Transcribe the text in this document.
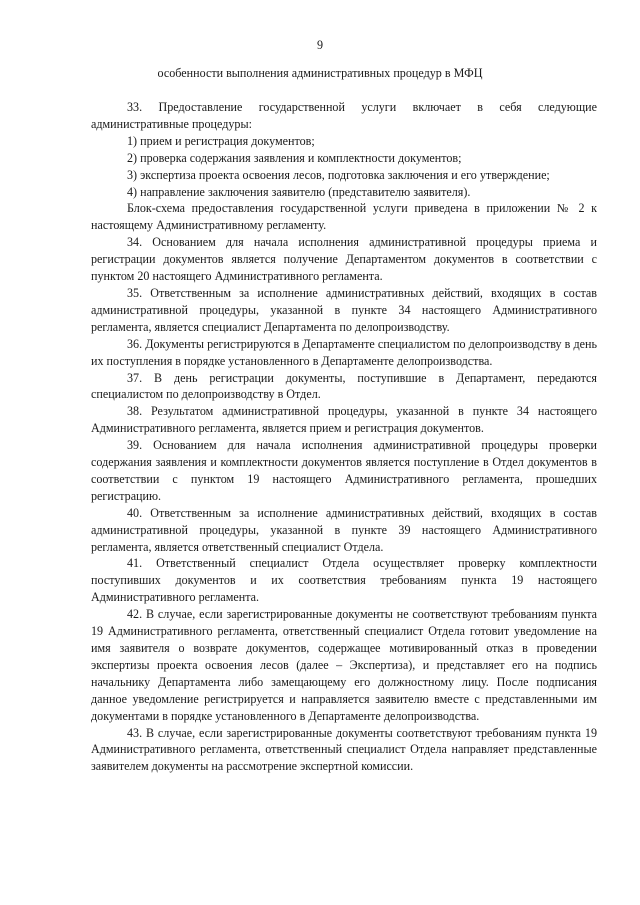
9
особенности выполнения административных процедур в МФЦ

33. Предоставление государственной услуги включает в себя следующие административные процедуры:

1) прием и регистрация документов;

2) проверка содержания заявления и комплектности документов;

3) экспертиза проекта освоения лесов, подготовка заключения и его утверждение;

4) направление заключения заявителю (представителю заявителя).

Блок-схема предоставления государственной услуги приведена в приложении № 2 к настоящему Административному регламенту.

34. Основанием для начала исполнения административной процедуры приема и регистрации документов является получение Департаментом документов в соответствии с пунктом 20 настоящего Административного регламента.

35. Ответственным за исполнение административных действий, входящих в состав административной процедуры, указанной в пункте 34 настоящего Административного регламента, является специалист Департамента по делопроизводству.

36. Документы регистрируются в Департаменте специалистом по делопроизводству в день их поступления в порядке установленного в Департаменте делопроизводства.

37. В день регистрации документы, поступившие в Департамент, передаются специалистом по делопроизводству в Отдел.

38. Результатом административной процедуры, указанной в пункте 34 настоящего Административного регламента, является прием и регистрация документов.

39. Основанием для начала исполнения административной процедуры проверки содержания заявления и комплектности документов является поступление в Отдел документов в соответствии с пунктом 19 настоящего Административного регламента, прошедших регистрацию.

40. Ответственным за исполнение административных действий, входящих в состав административной процедуры, указанной в пункте 39 настоящего Административного регламента, является ответственный специалист Отдела.

41. Ответственный специалист Отдела осуществляет проверку комплектности поступивших документов и их соответствия требованиям пункта 19 настоящего Административного регламента.

42. В случае, если зарегистрированные документы не соответствуют требованиям пункта 19 Административного регламента, ответственный специалист Отдела готовит уведомление на имя заявителя о возврате документов, содержащее мотивированный отказ в проведении экспертизы проекта освоения лесов (далее – Экспертиза), и представляет его на подпись начальнику Департамента либо замещающему его должностному лицу. После подписания данное уведомление регистрируется и направляется заявителю вместе с представленными им документами в порядке установленного в Департаменте делопроизводства.

43. В случае, если зарегистрированные документы соответствуют требованиям пункта 19 Административного регламента, ответственный специалист Отдела направляет представленные заявителем документы на рассмотрение экспертной комиссии.
